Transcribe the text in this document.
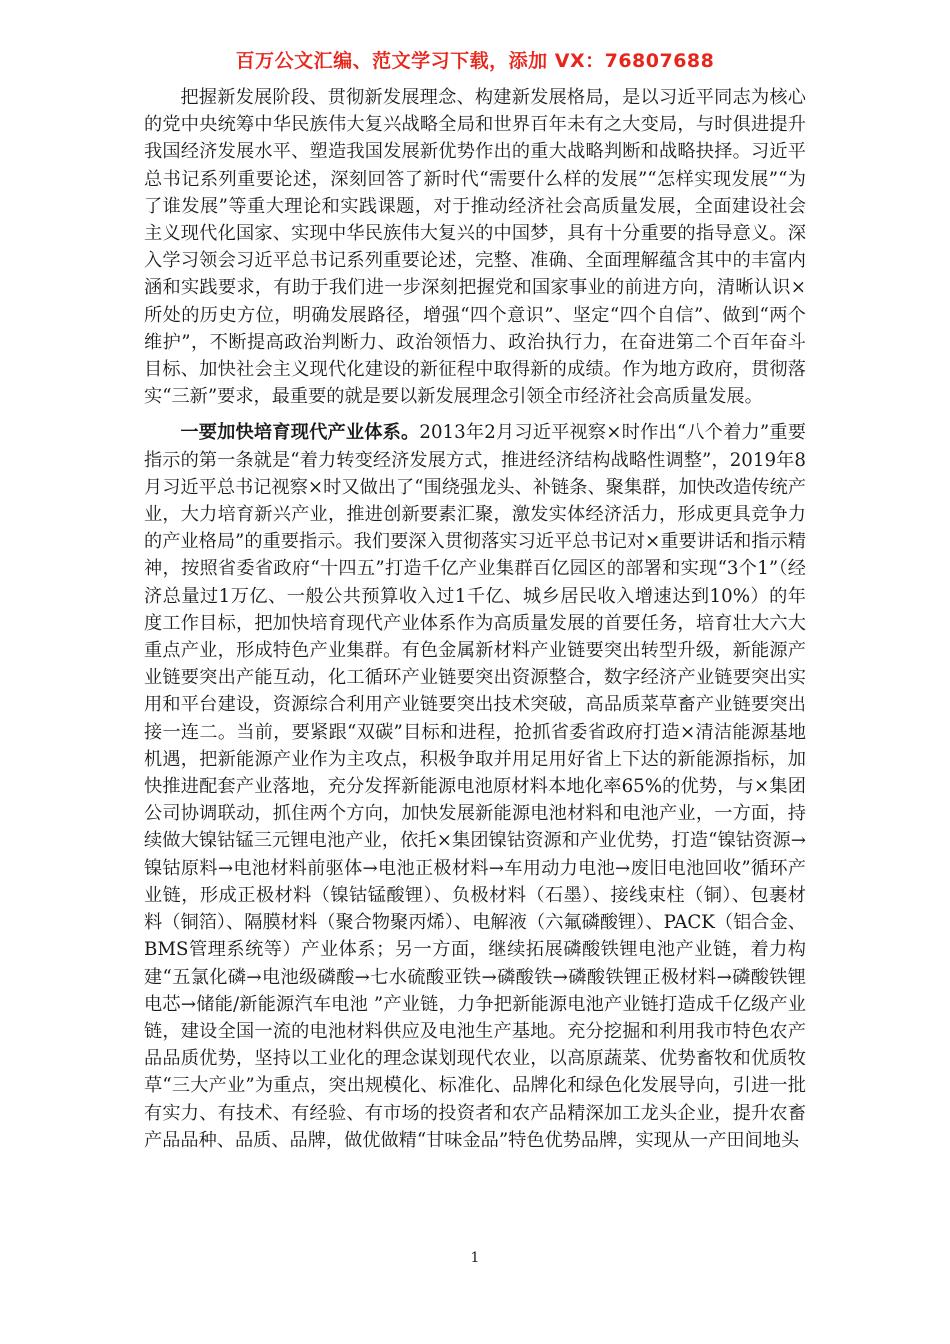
百万公文汇编、范文学习下载，添加 VX：76807688

把握新发展阶段、贯彻新发展理念、构建新发展格局，是以习近平同志为核心的党中央统筹中华民族伟大复兴战略全局和世界百年未有之大变局，与时俱进提升我国经济发展水平、塑造我国发展新优势作出的重大战略判断和战略抉择。习近平总书记系列重要论述，深刻回答了新时代“需要什么样的发展”“怎样实现发展”“为了谁发展”等重大理论和实践课题，对于推动经济社会高质量发展，全面建设社会主义现代化国家、实现中华民族伟大复兴的中国梦，具有十分重要的指导意义。深入学习领会习近平总书记系列重要论述，完整、准确、全面理解蕴含其中的丰富内涵和实践要求，有助于我们进一步深刻把握党和国家事业的前进方向，清晰认识×所处的历史方位，明确发展路径，增强“四个意识”、坚定“四个自信”、做到“两个维护”，不断提高政治判断力、政治领悟力、政治执行力，在奋进第二个百年奋斗目标、加快社会主义现代化建设的新征程中取得新的成绩。作为地方政府，贯彻落实“三新”要求，最重要的就是要以新发展理念引领全市经济社会高质量发展。

一要加快培育现代产业体系。2013年2月习近平视察×时作出“八个着力”重要指示的第一条就是“着力转变经济发展方式，推进经济结构战略性调整”，2019年8月习近平总书记视察×时又做出了“围绕强龙头、补链条、聚集群，加快改造传统产业，大力培育新兴产业，推进创新要素汇聚，激发实体经济活力，形成更具竞争力的产业格局”的重要指示。我们要深入贯彻落实习近平总书记对×重要讲话和指示精神，按照省委省政府“十四五”打造千亿产业集群百亿园区的部署和实现“3个1”（经济总量过1万亿、一般公共预算收入过1千亿、城乡居民收入增速达到10%）的年度工作目标，把加快培育现代产业体系作为高质量发展的首要任务，培育壮大六大重点产业，形成特色产业集群。有色金属新材料产业链要突出转型升级，新能源产业链要突出产能互动，化工循环产业链要突出资源整合，数字经济产业链要突出实用和平台建设，资源综合利用产业链要突出技术突破，高品质菜草畜产业链要突出接一连二。当前，要紧跟“双碳”目标和进程，抢抓省委省政府打造×清洁能源基地机遇，把新能源产业作为主攻点，积极争取并用足用好省上下达的新能源指标，加快推进配套产业落地，充分发挥新能源电池原材料本地化率65%的优势，与×集团公司协调联动，抓住两个方向，加快发展新能源电池材料和电池产业，一方面，持续做大镍钴锰三元锂电池产业，依托×集团镍钴资源和产业优势，打造“镍钴资源→镍钴原料→电池材料前驱体→电池正极材料→车用动力电池→废旧电池回收”循环产业链，形成正极材料（镍钴锰酸锂）、负极材料（石墨）、接线束柱（铜）、包裹材料（铜箔）、隔膜材料（聚合物聚丙烯）、电解液（六氟磷酸锂）、PACK（铝合金、BMS管理系统等）产业体系；另一方面，继续拓展磷酸铁锂电池产业链，着力构建“五氯化磷→电池级磷酸→七水硫酸亚铁→磷酸铁→磷酸铁锂正极材料→磷酸铁锂电芯→储能/新能源汽车电池 ”产业链，力争把新能源电池产业链打造成千亿级产业链，建设全国一流的电池材料供应及电池生产基地。充分挖掘和利用我市特色农产品品质优势，坚持以工业化的理念谋划现代农业，以高原蔬菜、优势畜牧和优质牧草“三大产业”为重点，突出规模化、标准化、品牌化和绿色化发展导向，引进一批有实力、有技术、有经验、有市场的投资者和农产品精深加工龙头企业，提升农畜产品品种、品质、品牌，做优做精“甘味金品”特色优势品牌，实现从一产田间地头

1
